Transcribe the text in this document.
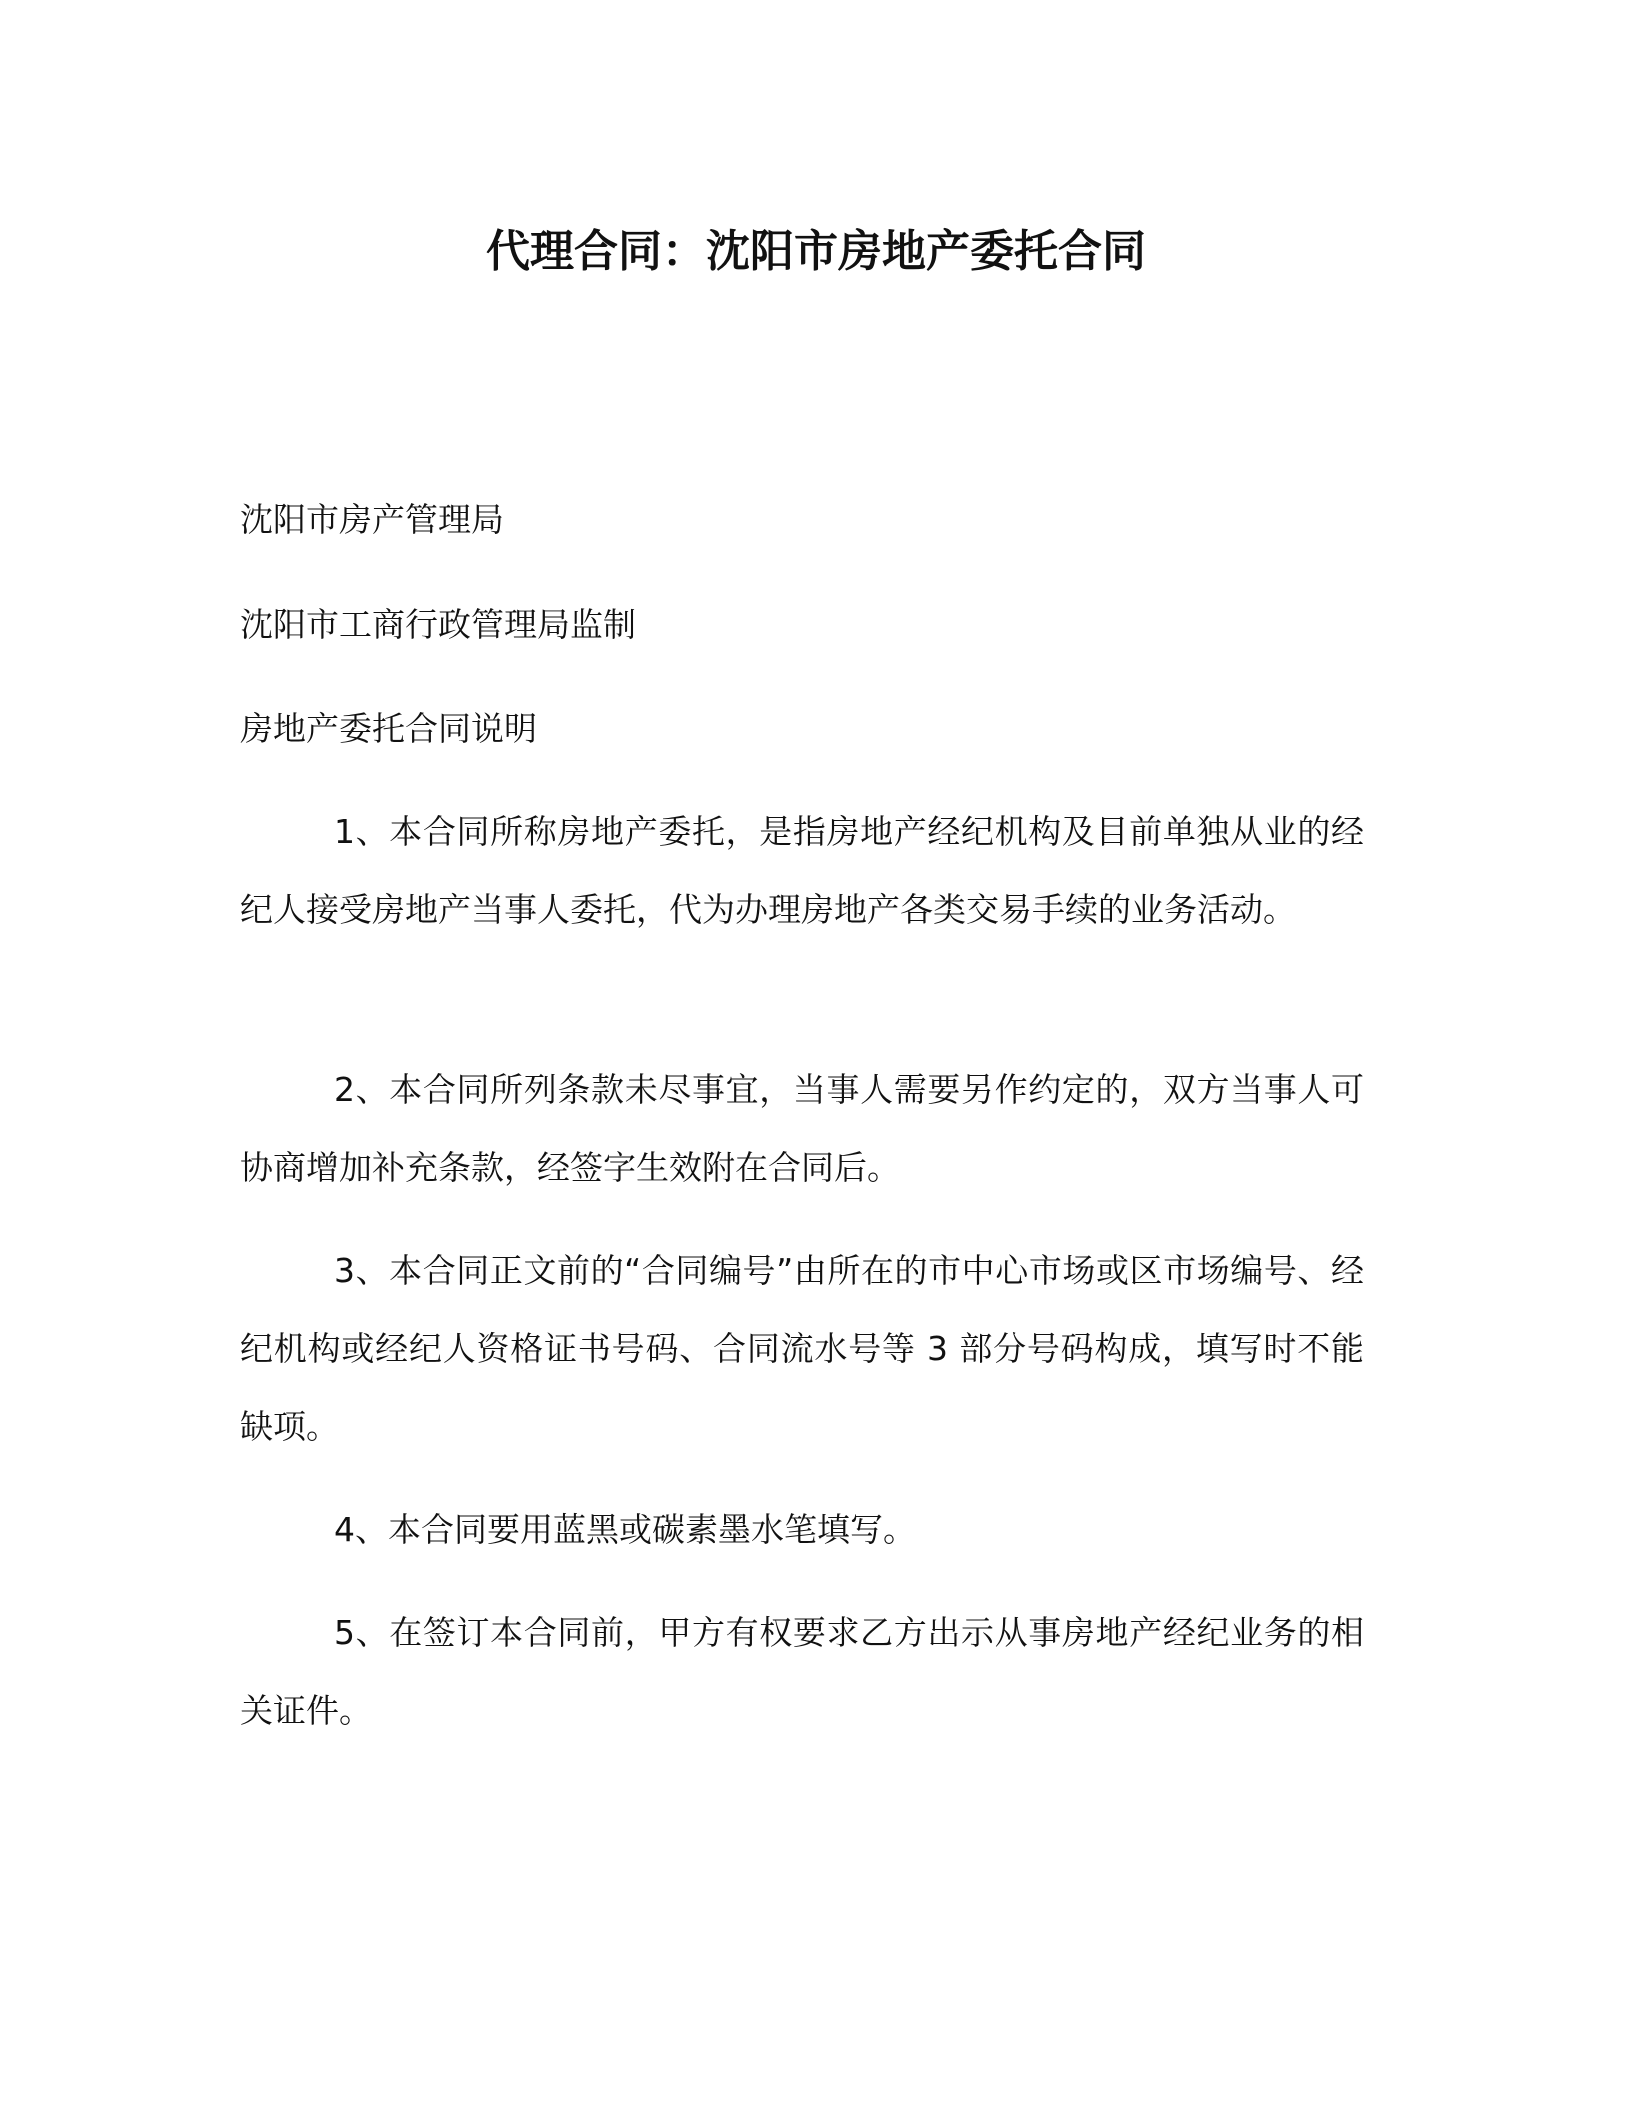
代理合同：沈阳市房地产委托合同
沈阳市房产管理局
沈阳市工商行政管理局监制
房地产委托合同说明
1、本合同所称房地产委托，是指房地产经纪机构及目前单独从业的经纪人接受房地产当事人委托，代为办理房地产各类交易手续的业务活动。
2、本合同所列条款未尽事宜，当事人需要另作约定的，双方当事人可协商增加补充条款，经签字生效附在合同后。
3、本合同正文前的“合同编号”由所在的市中心市场或区市场编号、经纪机构或经纪人资格证书号码、合同流水号等 3 部分号码构成，填写时不能缺项。
4、本合同要用蓝黑或碳素墨水笔填写。
5、在签订本合同前，甲方有权要求乙方出示从事房地产经纪业务的相关证件。
